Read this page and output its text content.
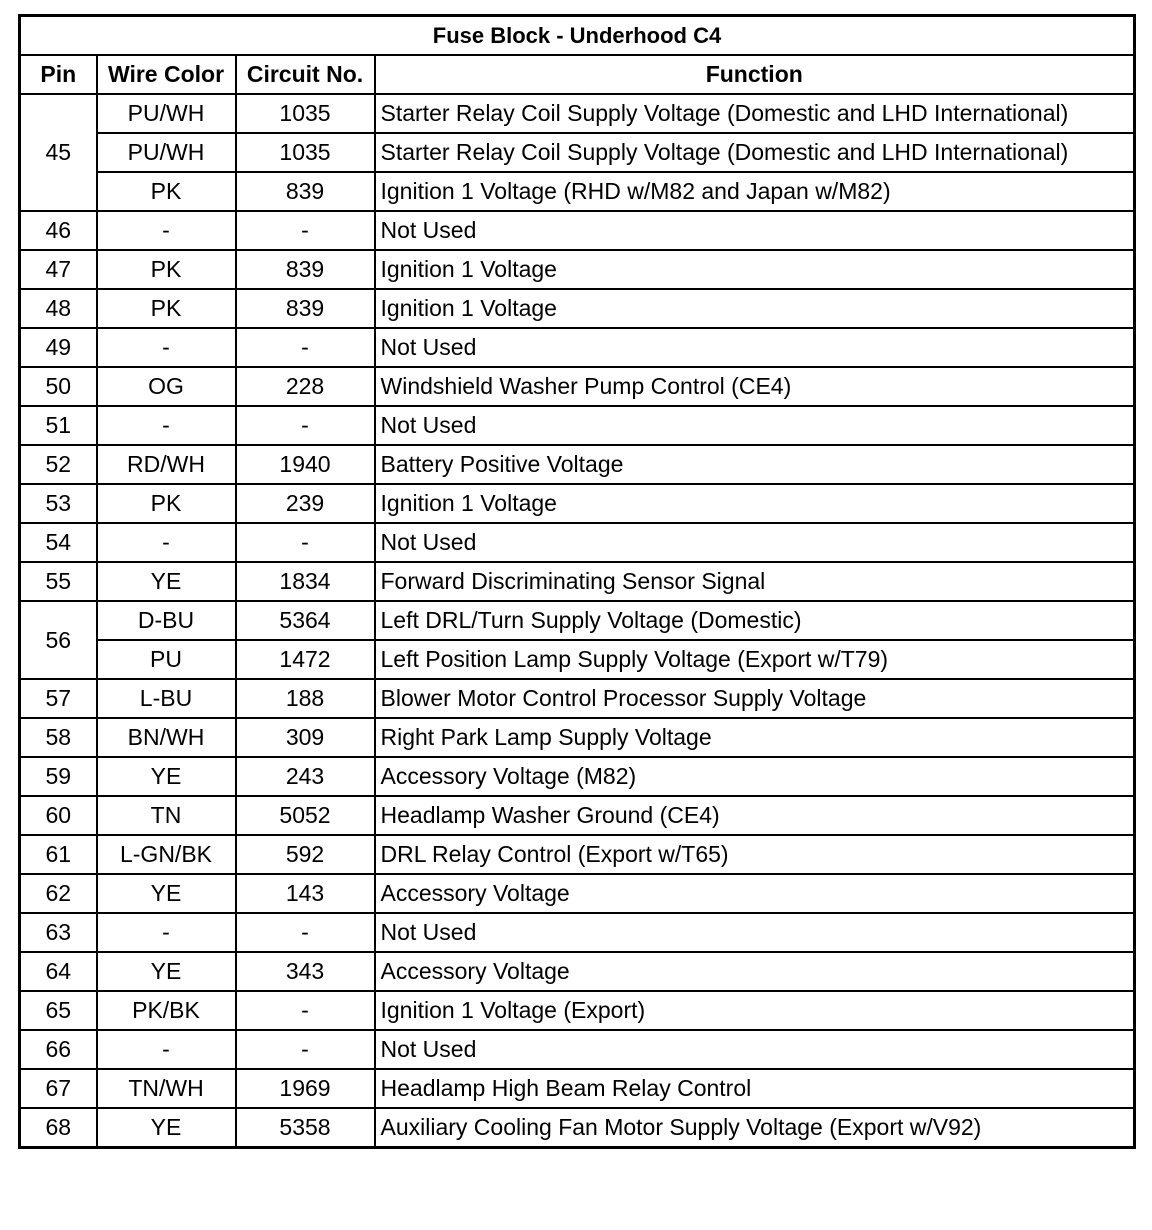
Fuse Block - Underhood C4			
Pin	Wire Color	Circuit No.	Function
45	PU/WH	1035	Starter Relay Coil Supply Voltage (Domestic and LHD International)
	PU/WH	1035	Starter Relay Coil Supply Voltage (Domestic and LHD International)
	PK	839	Ignition 1 Voltage (RHD w/M82 and Japan w/M82)
46	-	-	Not Used
47	PK	839	Ignition 1 Voltage
48	PK	839	Ignition 1 Voltage
49	-	-	Not Used
50	OG	228	Windshield Washer Pump Control (CE4)
51	-	-	Not Used
52	RD/WH	1940	Battery Positive Voltage
53	PK	239	Ignition 1 Voltage
54	-	-	Not Used
55	YE	1834	Forward Discriminating Sensor Signal
56	D-BU	5364	Left DRL/Turn Supply Voltage (Domestic)
	PU	1472	Left Position Lamp Supply Voltage (Export w/T79)
57	L-BU	188	Blower Motor Control Processor Supply Voltage
58	BN/WH	309	Right Park Lamp Supply Voltage
59	YE	243	Accessory Voltage (M82)
60	TN	5052	Headlamp Washer Ground (CE4)
61	L-GN/BK	592	DRL Relay Control (Export w/T65)
62	YE	143	Accessory Voltage
63	-	-	Not Used
64	YE	343	Accessory Voltage
65	PK/BK	-	Ignition 1 Voltage (Export)
66	-	-	Not Used
67	TN/WH	1969	Headlamp High Beam Relay Control
68	YE	5358	Auxiliary Cooling Fan Motor Supply Voltage (Export w/V92)
